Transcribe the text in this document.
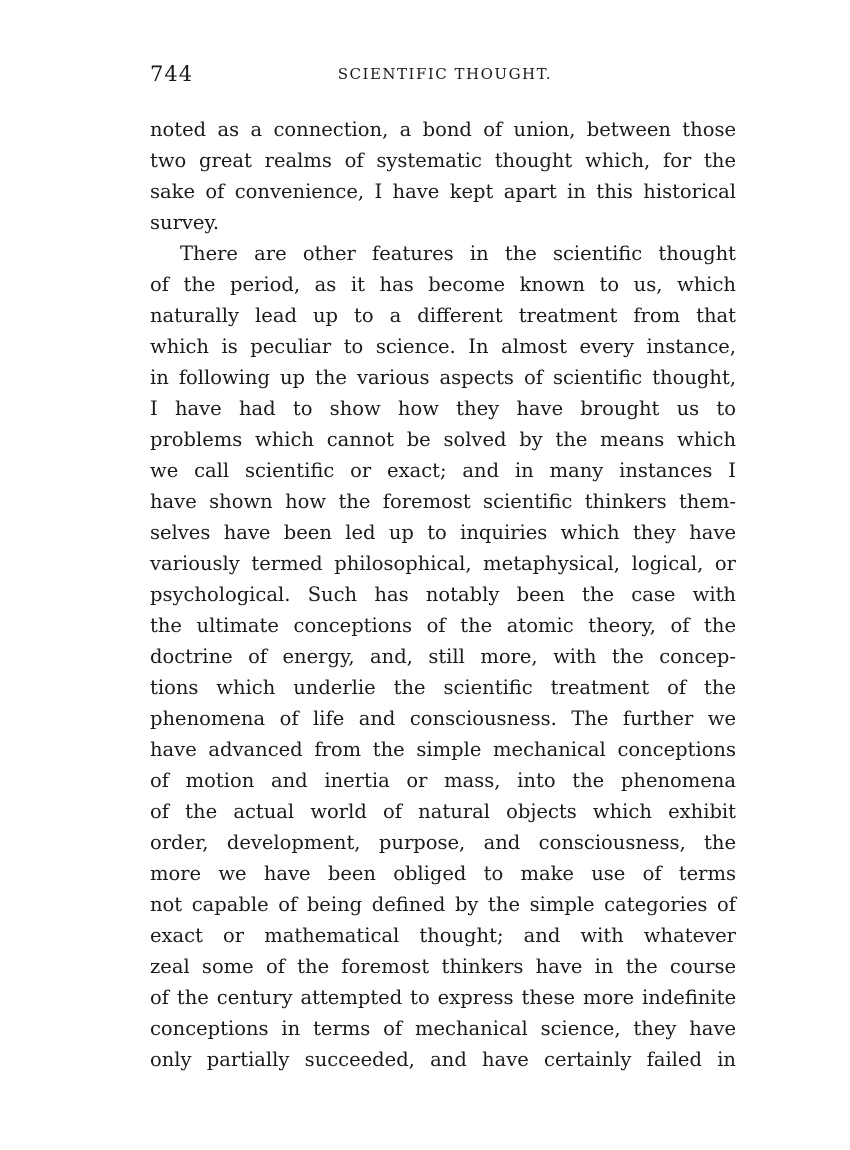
744	SCIENTIFIC THOUGHT.

noted as a connection, a bond of union, between those
two great realms of systematic thought which, for the
sake of convenience, I have kept apart in this historical
survey.

There are other features in the scientific thought
of the period, as it has become known to us, which
naturally lead up to a different treatment from that
which is peculiar to science. In almost every instance,
in following up the various aspects of scientific thought,
I have had to show how they have brought us to
problems which cannot be solved by the means which
we call scientific or exact; and in many instances I
have shown how the foremost scientific thinkers them-
selves have been led up to inquiries which they have
variously termed philosophical, metaphysical, logical, or
psychological. Such has notably been the case with
the ultimate conceptions of the atomic theory, of the
doctrine of energy, and, still more, with the concep-
tions which underlie the scientific treatment of the
phenomena of life and consciousness. The further we
have advanced from the simple mechanical conceptions
of motion and inertia or mass, into the phenomena
of the actual world of natural objects which exhibit
order, development, purpose, and consciousness, the
more we have been obliged to make use of terms
not capable of being defined by the simple categories of
exact or mathematical thought; and with whatever
zeal some of the foremost thinkers have in the course
of the century attempted to express these more indefinite
conceptions in terms of mechanical science, they have
only partially succeeded, and have certainly failed in
